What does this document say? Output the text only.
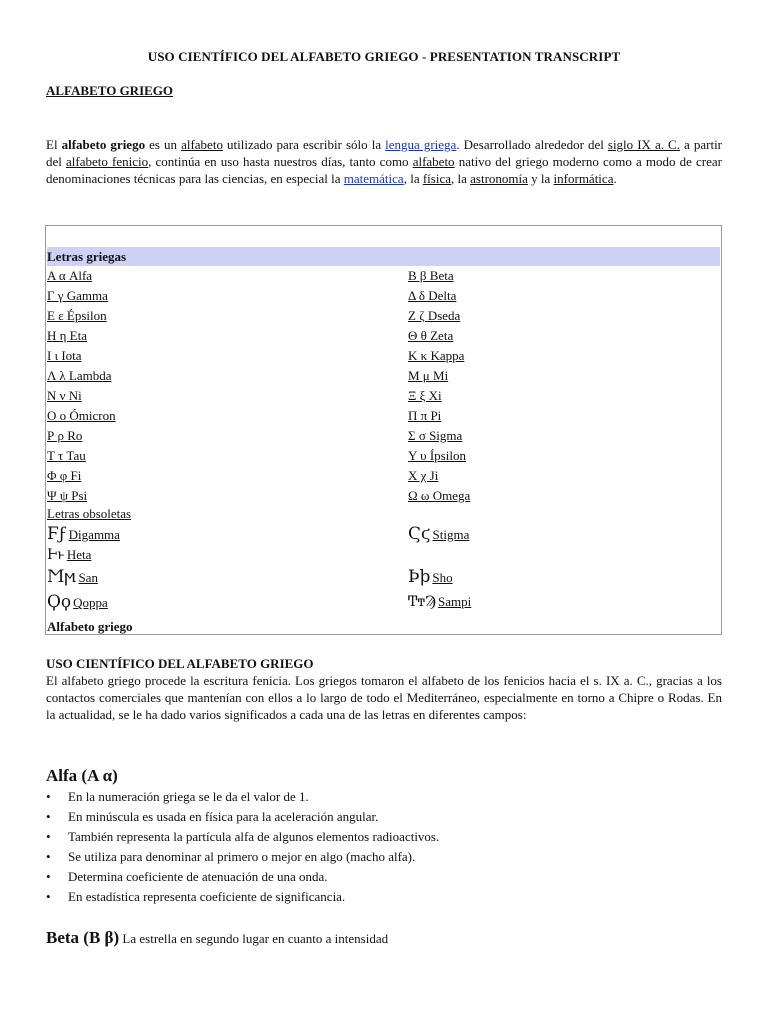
USO CIENTÍFICO DEL ALFABETO GRIEGO - PRESENTATION TRANSCRIPT
ALFABETO GRIEGO
El alfabeto griego es un alfabeto utilizado para escribir sólo la lengua griega. Desarrollado alrededor del siglo IX a. C. a partir del alfabeto fenicio, continúa en uso hasta nuestros días, tanto como alfabeto nativo del griego moderno como a modo de crear denominaciones técnicas para las ciencias, en especial la matemática, la física, la astronomía y la informática.
Letras griegas
Α α Alfa	Β β Beta
Γ γ Gamma	Δ δ Delta
Ε ε Épsilon	Ζ ζ Dseda
Η η Eta	Θ θ Zeta
Ι ι Iota	Κ κ Kappa
Λ λ Lambda	Μ μ Mi
Ν ν Ni	Ξ ξ Xi
Ο ο Ómicron	Π π Pi
Ρ ρ Ro	Σ σ Sigma
Τ τ Tau	Υ υ Ípsilon
Φ φ Fi	Χ χ Ji
Ψ ψ Psi	Ω ω Omega
Letras obsoletas
Ϝϝ Digamma	Ϛϛ Stigma
Ͱͱ Heta
Ϻϻ San	Ϸϸ Sho
Ϙϙ Qoppa	ͲͳϠ Sampi
Alfabeto griego
USO CIENTÍFICO DEL ALFABETO GRIEGO
El alfabeto griego procede la escritura fenicia. Los griegos tomaron el alfabeto de los fenicios hacia el s. IX a. C., gracias a los contactos comerciales que mantenían con ellos a lo largo de todo el Mediterráneo, especialmente en torno a Chipre o Rodas. En la actualidad, se le ha dado varios significados a cada una de las letras en diferentes campos:
Alfa (Α α)
• En la numeración griega se le da el valor de 1.
• En minúscula es usada en física para la aceleración angular.
• También representa la partícula alfa de algunos elementos radioactivos.
• Se utiliza para denominar al primero o mejor en algo (macho alfa).
• Determina coeficiente de atenuación de una onda.
• En estadística representa coeficiente de significancia.
Beta (Β β) La estrella en segundo lugar en cuanto a intensidad
